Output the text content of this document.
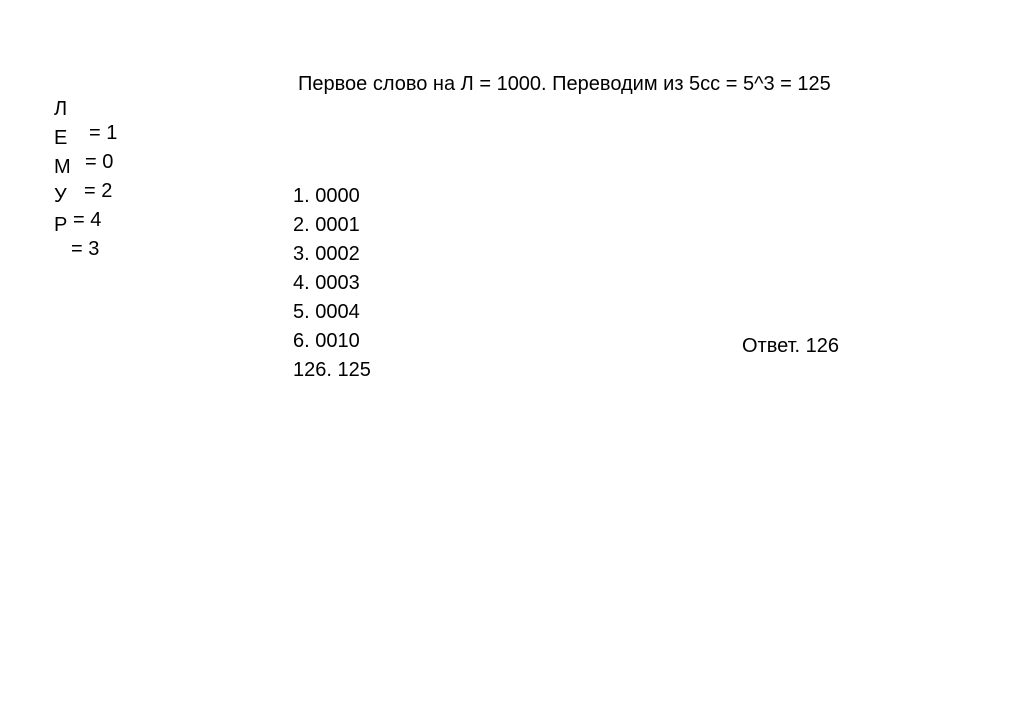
Л

= 1

Е

= 0

М

= 2

У

= 4

Р

= 3

Первое слово на Л = 1000. Переводим из 5сс = 5^3 = 125
1. 0000
2. 0001
3. 0002
4. 0003
5. 0004
6. 0010
126. 125
Ответ. 126
